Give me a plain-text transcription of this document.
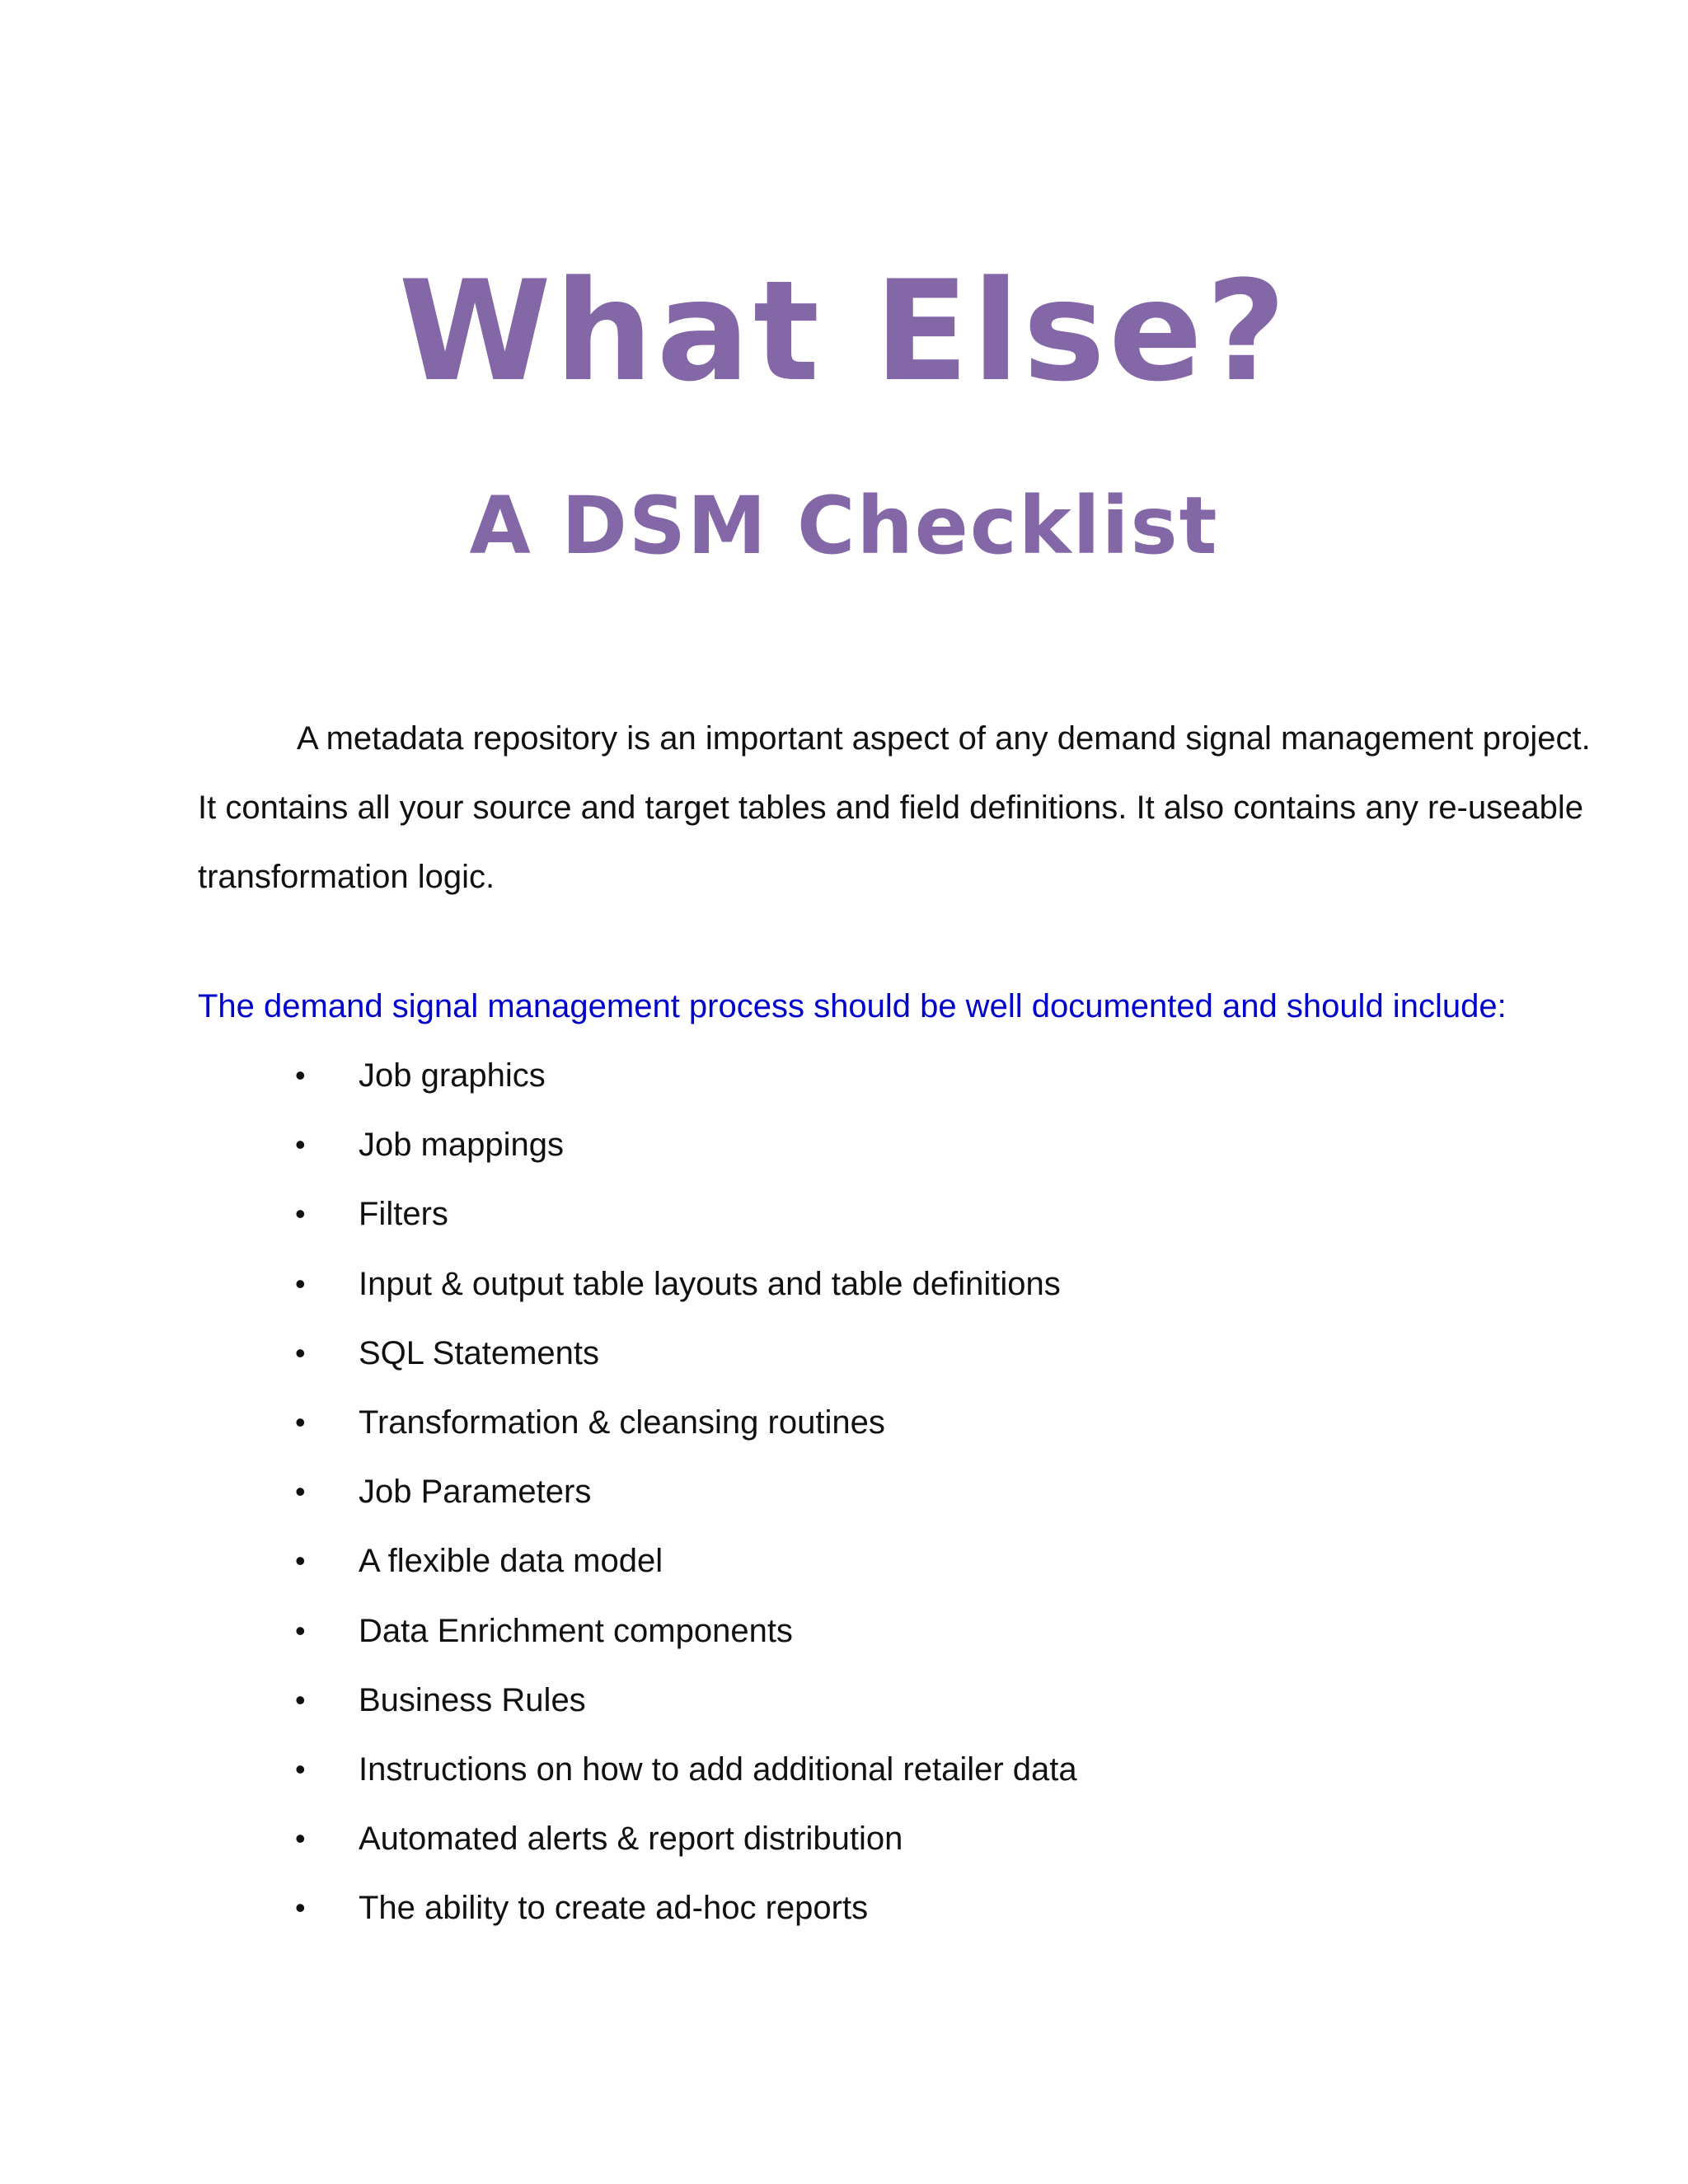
What Else?
A DSM Checklist

A metadata repository is an important aspect of any demand signal management project. It contains all your source and target tables and field definitions. It also contains any re-useable transformation logic.

The demand signal management process should be well documented and should include:

• Job graphics
• Job mappings
• Filters
• Input & output table layouts and table definitions
• SQL Statements
• Transformation & cleansing routines
• Job Parameters
• A flexible data model
• Data Enrichment components
• Business Rules
• Instructions on how to add additional retailer data
• Automated alerts & report distribution
• The ability to create ad-hoc reports
